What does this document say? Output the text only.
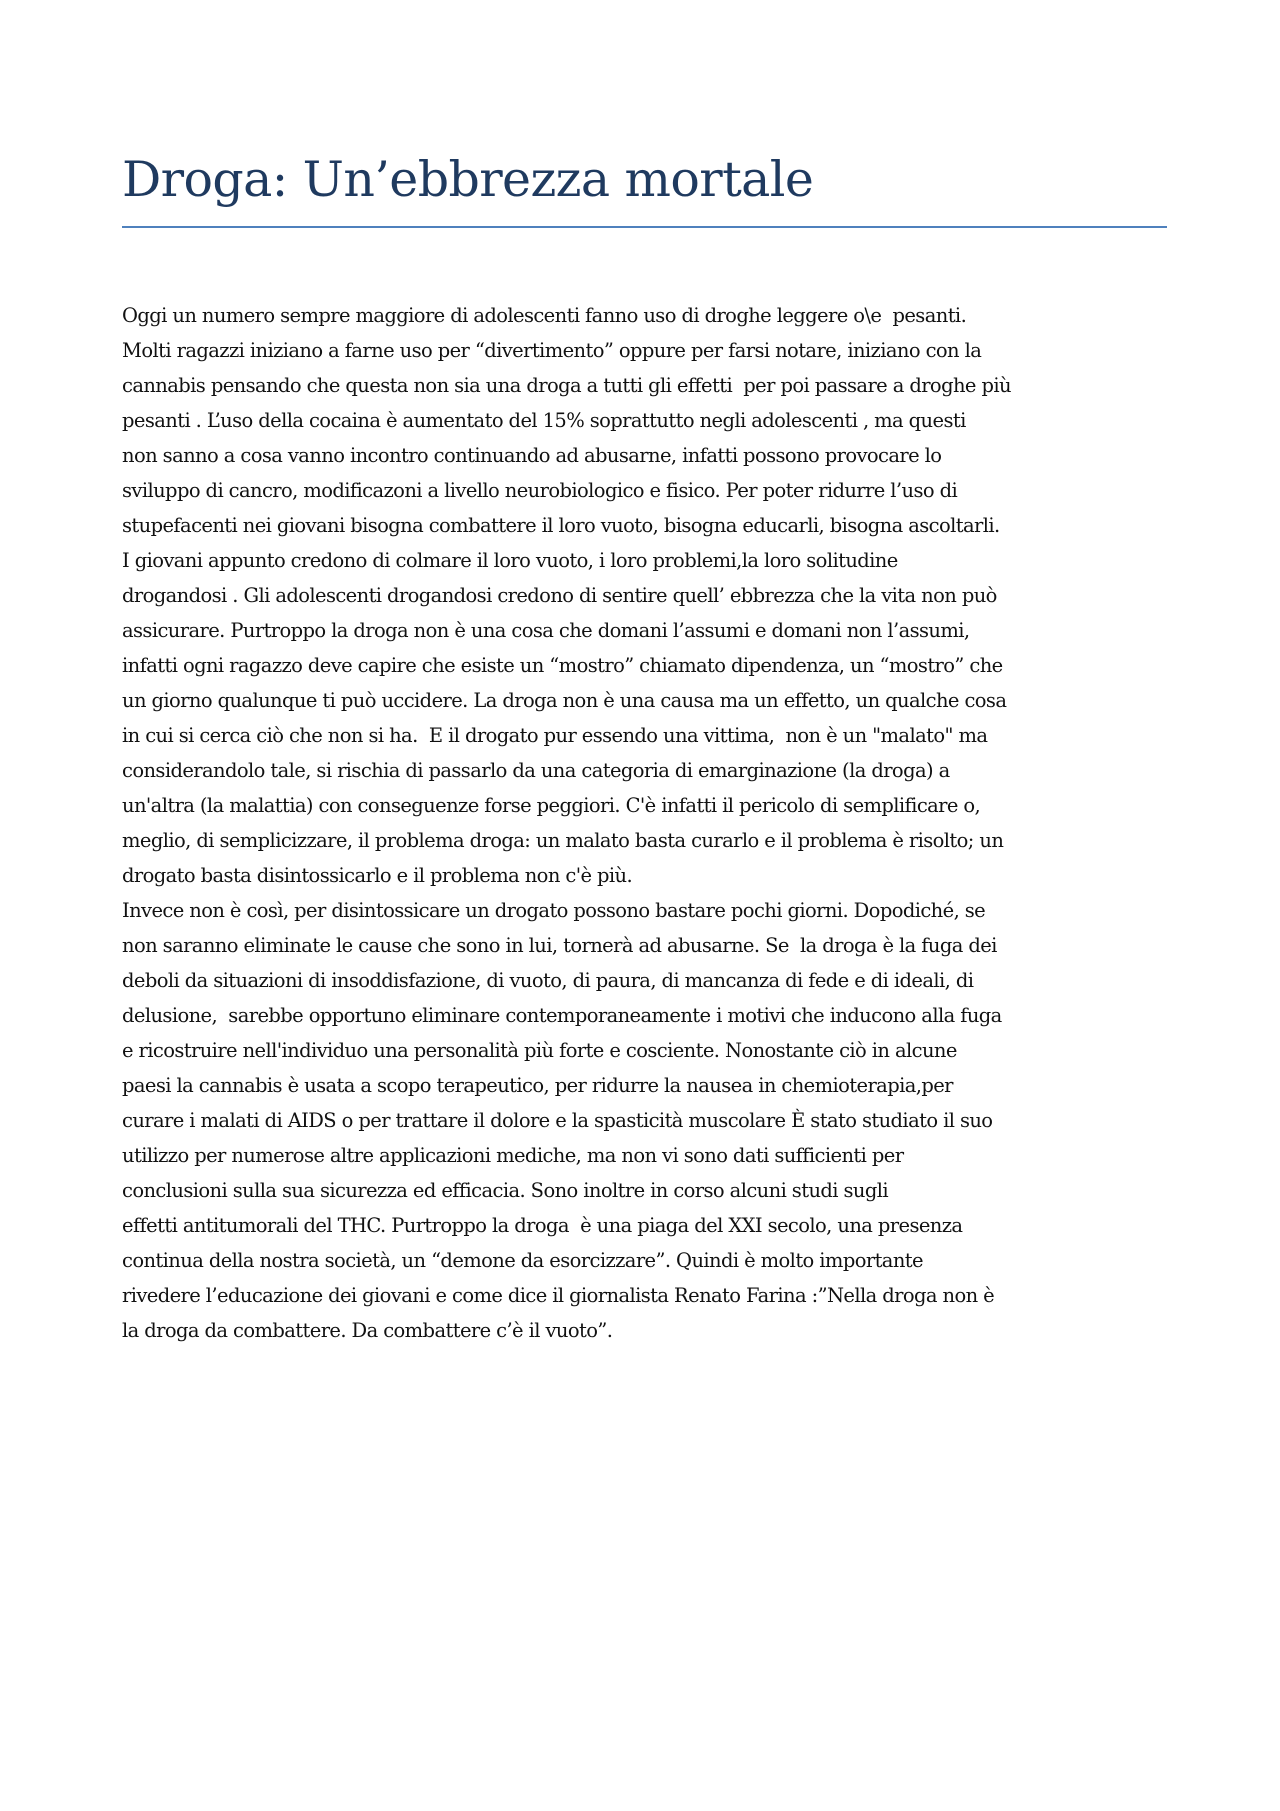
Droga: Un’ebbrezza mortale
Oggi un numero sempre maggiore di adolescenti fanno uso di droghe leggere o\e  pesanti.
Molti ragazzi iniziano a farne uso per “divertimento” oppure per farsi notare, iniziano con la
cannabis pensando che questa non sia una droga a tutti gli effetti  per poi passare a droghe più
pesanti . L’uso della cocaina è aumentato del 15% soprattutto negli adolescenti , ma questi
non sanno a cosa vanno incontro continuando ad abusarne, infatti possono provocare lo
sviluppo di cancro, modificazoni a livello neurobiologico e fisico. Per poter ridurre l’uso di
stupefacenti nei giovani bisogna combattere il loro vuoto, bisogna educarli, bisogna ascoltarli.
I giovani appunto credono di colmare il loro vuoto, i loro problemi,la loro solitudine
drogandosi . Gli adolescenti drogandosi credono di sentire quell’ ebbrezza che la vita non può
assicurare. Purtroppo la droga non è una cosa che domani l’assumi e domani non l’assumi,
infatti ogni ragazzo deve capire che esiste un “mostro” chiamato dipendenza, un “mostro” che
un giorno qualunque ti può uccidere. La droga non è una causa ma un effetto, un qualche cosa
in cui si cerca ciò che non si ha.  E il drogato pur essendo una vittima,  non è un "malato" ma
considerandolo tale, si rischia di passarlo da una categoria di emarginazione (la droga) a
un'altra (la malattia) con conseguenze forse peggiori. C'è infatti il pericolo di semplificare o,
meglio, di semplicizzare, il problema droga: un malato basta curarlo e il problema è risolto; un
drogato basta disintossicarlo e il problema non c'è più.
Invece non è così, per disintossicare un drogato possono bastare pochi giorni. Dopodiché, se
non saranno eliminate le cause che sono in lui, tornerà ad abusarne. Se  la droga è la fuga dei
deboli da situazioni di insoddisfazione, di vuoto, di paura, di mancanza di fede e di ideali, di
delusione,  sarebbe opportuno eliminare contemporaneamente i motivi che inducono alla fuga
e ricostruire nell'individuo una personalità più forte e cosciente. Nonostante ciò in alcune
paesi la cannabis è usata a scopo terapeutico, per ridurre la nausea in chemioterapia,per
curare i malati di AIDS o per trattare il dolore e la spasticità muscolare È stato studiato il suo
utilizzo per numerose altre applicazioni mediche, ma non vi sono dati sufficienti per
conclusioni sulla sua sicurezza ed efficacia. Sono inoltre in corso alcuni studi sugli
effetti antitumorali del THC. Purtroppo la droga  è una piaga del XXI secolo, una presenza
continua della nostra società, un “demone da esorcizzare”. Quindi è molto importante
rivedere l’educazione dei giovani e come dice il giornalista Renato Farina :”Nella droga non è
la droga da combattere. Da combattere c’è il vuoto”.
